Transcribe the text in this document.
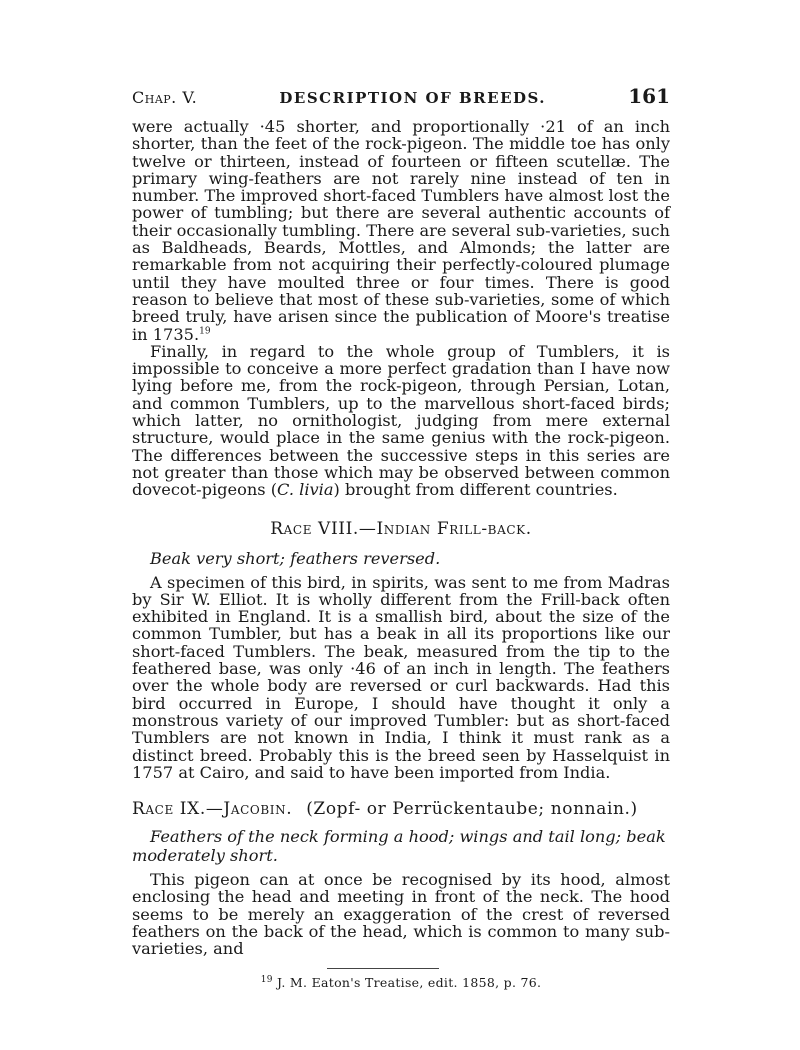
Chap. V.	DESCRIPTION OF BREEDS.	161

were actually ·45 shorter, and proportionally ·21 of an inch shorter, than the feet of the rock-pigeon. The middle toe has only twelve or thirteen, instead of fourteen or fifteen scutellæ. The primary wing-feathers are not rarely nine instead of ten in number. The improved short-faced Tumblers have almost lost the power of tumbling; but there are several authentic accounts of their occasionally tumbling. There are several sub-varieties, such as Baldheads, Beards, Mottles, and Almonds; the latter are remarkable from not acquiring their perfectly-coloured plumage until they have moulted three or four times. There is good reason to believe that most of these sub-varieties, some of which breed truly, have arisen since the publication of Moore's treatise in 1735.19

Finally, in regard to the whole group of Tumblers, it is impossible to conceive a more perfect gradation than I have now lying before me, from the rock-pigeon, through Persian, Lotan, and common Tumblers, up to the marvellous short-faced birds; which latter, no ornithologist, judging from mere external structure, would place in the same genius with the rock-pigeon. The differences between the successive steps in this series are not greater than those which may be observed between common dovecot-pigeons (C. livia) brought from different countries.

Race VIII.—Indian Frill-back.

Beak very short; feathers reversed.

A specimen of this bird, in spirits, was sent to me from Madras by Sir W. Elliot. It is wholly different from the Frill-back often exhibited in England. It is a smallish bird, about the size of the common Tumbler, but has a beak in all its proportions like our short-faced Tumblers. The beak, measured from the tip to the feathered base, was only ·46 of an inch in length. The feathers over the whole body are reversed or curl backwards. Had this bird occurred in Europe, I should have thought it only a monstrous variety of our improved Tumbler: but as short-faced Tumblers are not known in India, I think it must rank as a distinct breed. Probably this is the breed seen by Hasselquist in 1757 at Cairo, and said to have been imported from India.

Race IX.—Jacobin. (Zopf- or Perrückentaube; nonnain.)

Feathers of the neck forming a hood; wings and tail long; beak moderately short.

This pigeon can at once be recognised by its hood, almost enclosing the head and meeting in front of the neck. The hood seems to be merely an exaggeration of the crest of reversed feathers on the back of the head, which is common to many sub-varieties, and

$^{19}$ J. M. Eaton's Treatise, edit. 1858, p. 76.
